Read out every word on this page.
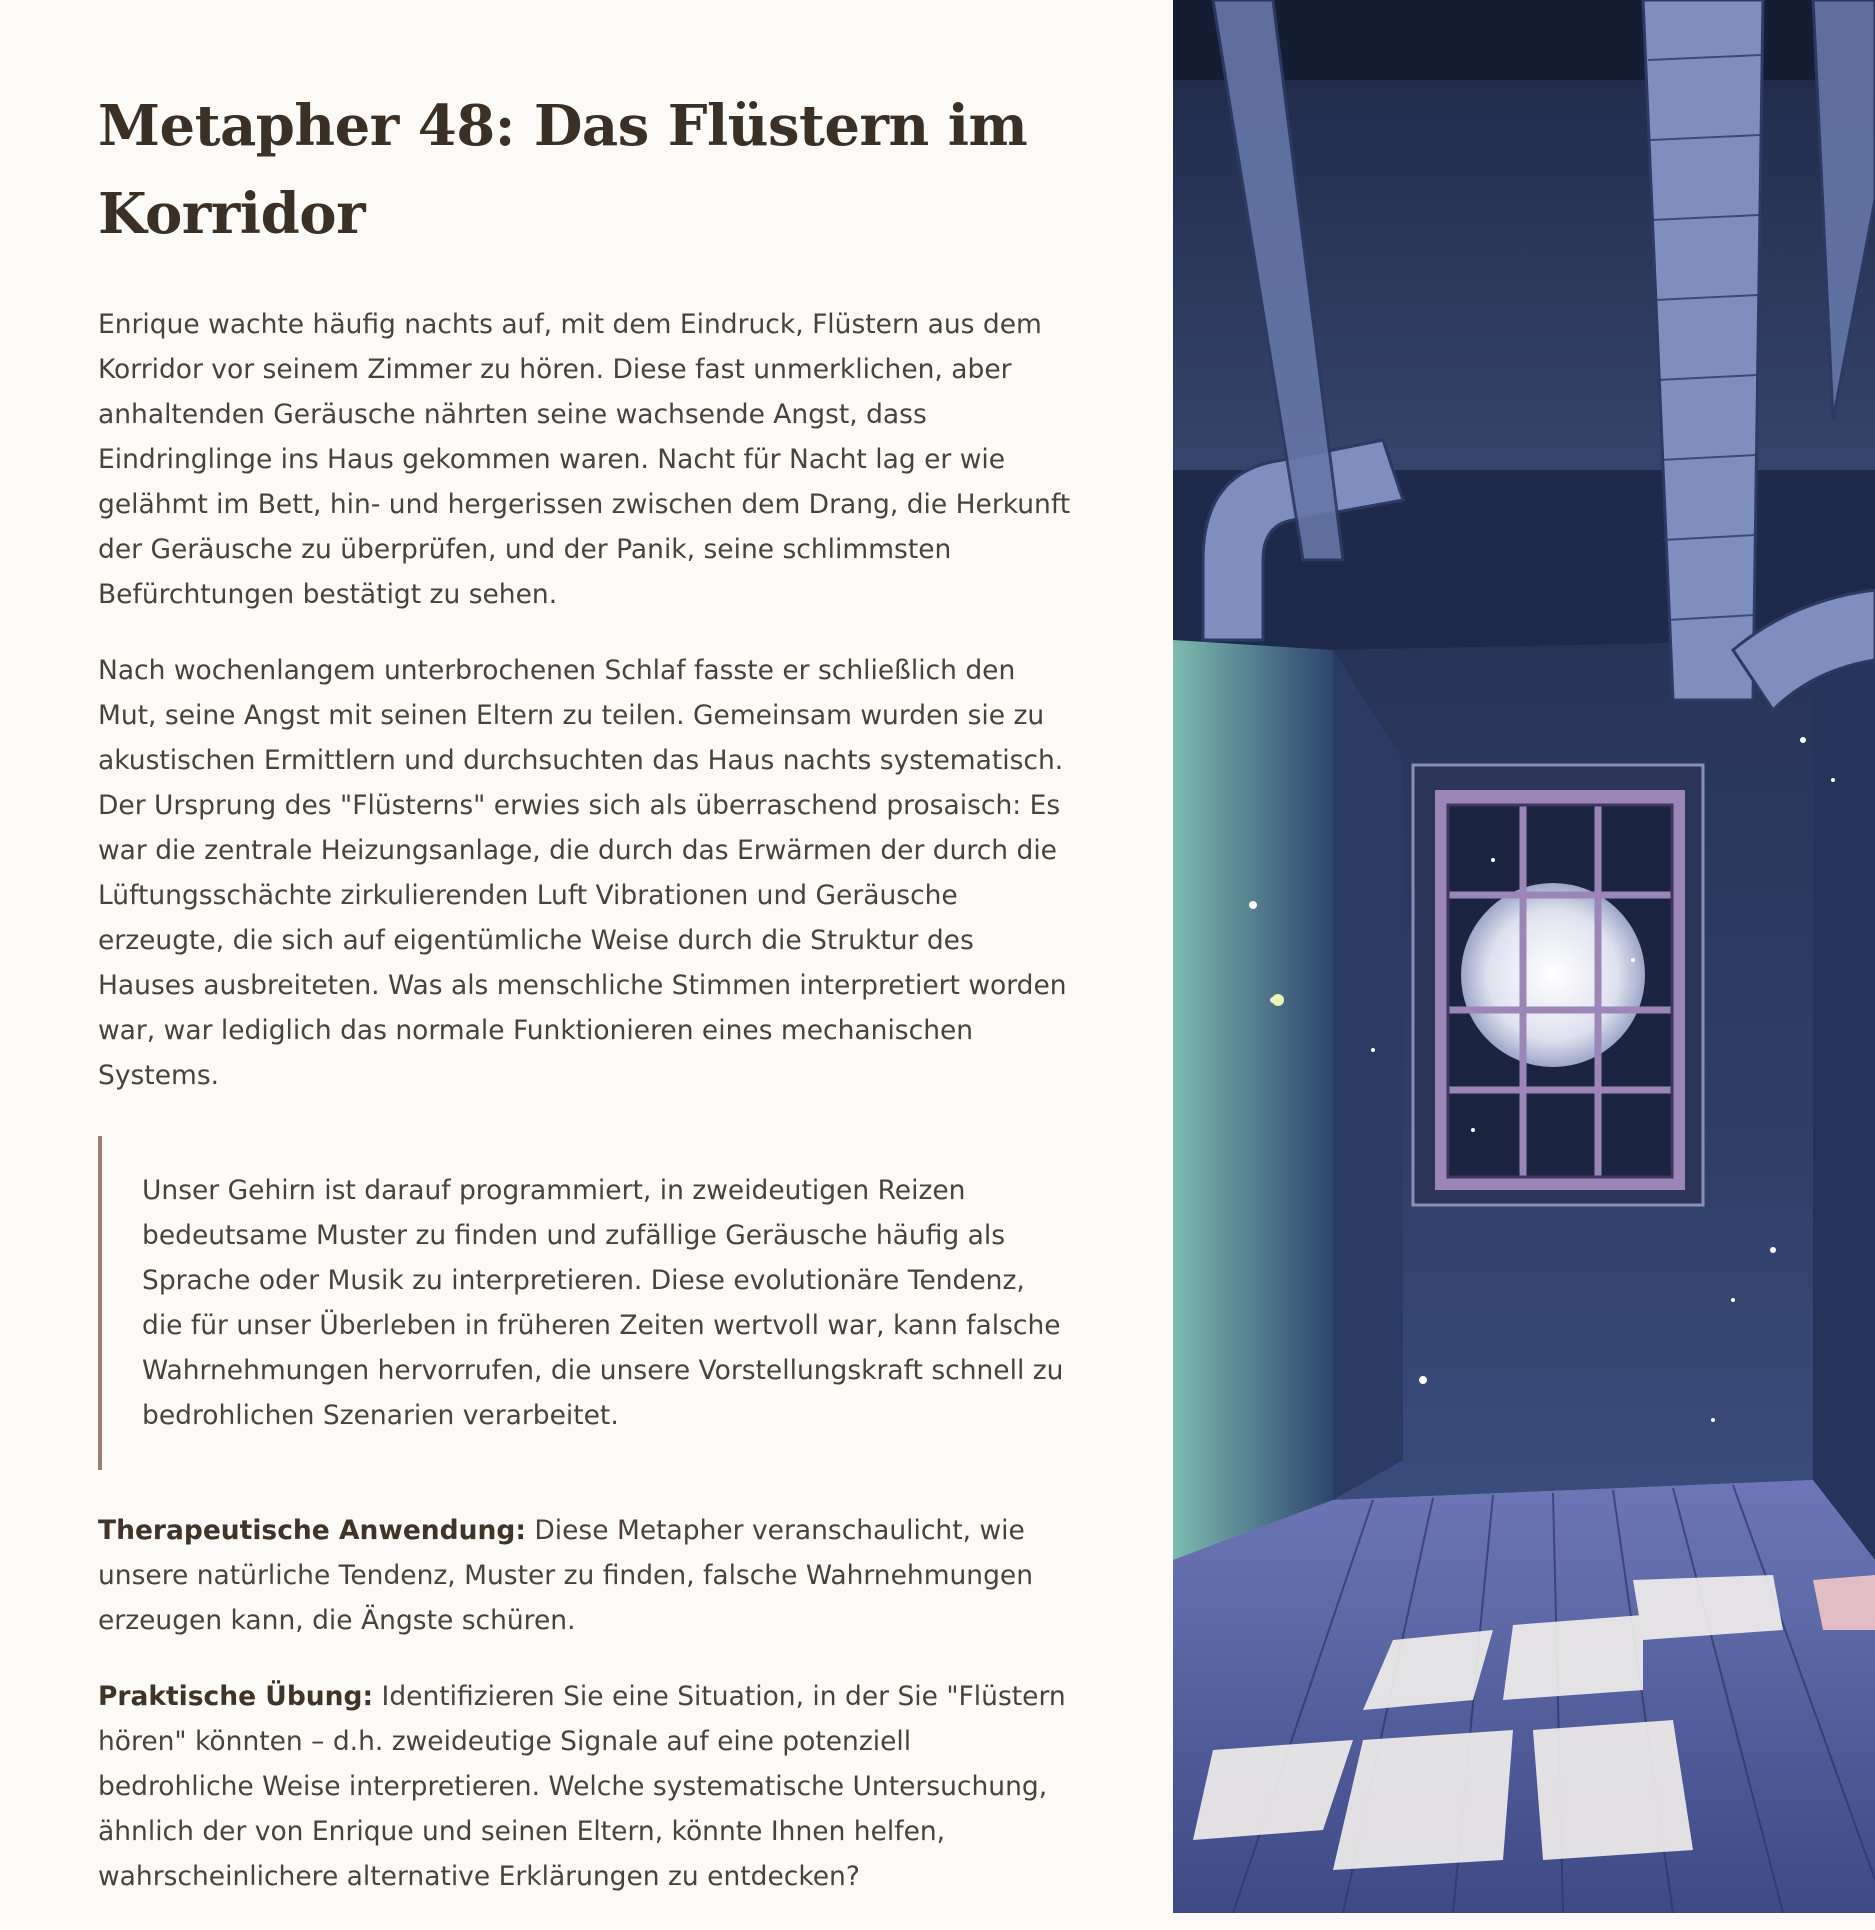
Metapher 48: Das Flüstern im Korridor

Enrique wachte häufig nachts auf, mit dem Eindruck, Flüstern aus dem Korridor vor seinem Zimmer zu hören. Diese fast unmerklichen, aber anhaltenden Geräusche nährten seine wachsende Angst, dass Eindringlinge ins Haus gekommen waren. Nacht für Nacht lag er wie gelähmt im Bett, hin- und hergerissen zwischen dem Drang, die Herkunft der Geräusche zu überprüfen, und der Panik, seine schlimmsten Befürchtungen bestätigt zu sehen.

Nach wochenlangem unterbrochenen Schlaf fasste er schließlich den Mut, seine Angst mit seinen Eltern zu teilen. Gemeinsam wurden sie zu akustischen Ermittlern und durchsuchten das Haus nachts systematisch. Der Ursprung des "Flüsterns" erwies sich als überraschend prosaisch: Es war die zentrale Heizungsanlage, die durch das Erwärmen der durch die Lüftungsschächte zirkulierenden Luft Vibrationen und Geräusche erzeugte, die sich auf eigentümliche Weise durch die Struktur des Hauses ausbreiteten. Was als menschliche Stimmen interpretiert worden war, war lediglich das normale Funktionieren eines mechanischen Systems.

Unser Gehirn ist darauf programmiert, in zweideutigen Reizen bedeutsame Muster zu finden und zufällige Geräusche häufig als Sprache oder Musik zu interpretieren. Diese evolutionäre Tendenz, die für unser Überleben in früheren Zeiten wertvoll war, kann falsche Wahrnehmungen hervorrufen, die unsere Vorstellungskraft schnell zu bedrohlichen Szenarien verarbeitet.

Therapeutische Anwendung: Diese Metapher veranschaulicht, wie unsere natürliche Tendenz, Muster zu finden, falsche Wahrnehmungen erzeugen kann, die Ängste schüren.

Praktische Übung: Identifizieren Sie eine Situation, in der Sie "Flüstern hören" könnten – d.h. zweideutige Signale auf eine potenziell bedrohliche Weise interpretieren. Welche systematische Untersuchung, ähnlich der von Enrique und seinen Eltern, könnte Ihnen helfen, wahrscheinlichere alternative Erklärungen zu entdecken?
